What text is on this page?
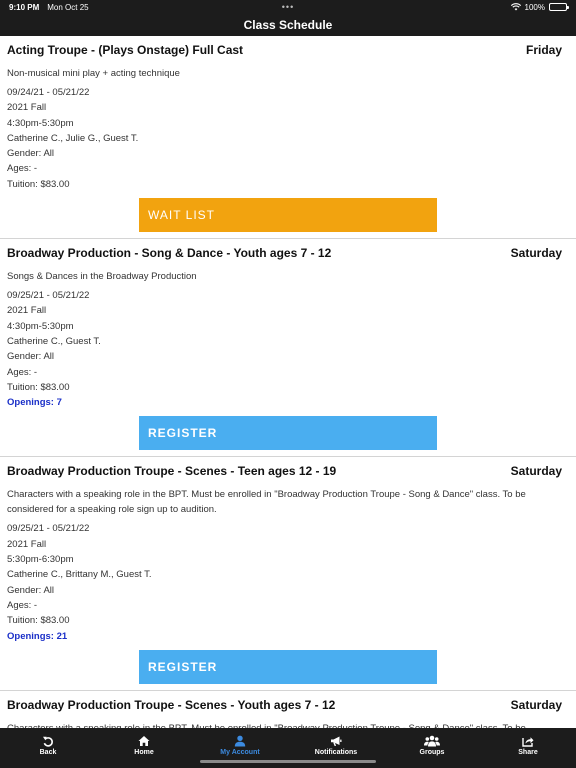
9:10 PM Mon Oct 25	•••	100%
Class Schedule
Acting Troupe - (Plays Onstage) Full Cast	Friday
Non-musical mini play + acting technique
09/24/21 - 05/21/22
2021 Fall
4:30pm-5:30pm
Catherine C., Julie G., Guest T.
Gender: All
Ages: -
Tuition: $83.00
WAIT LIST
Broadway Production - Song & Dance - Youth ages 7 - 12	Saturday
Songs & Dances in the Broadway Production
09/25/21 - 05/21/22
2021 Fall
4:30pm-5:30pm
Catherine C., Guest T.
Gender: All
Ages: -
Tuition: $83.00
Openings: 7
REGISTER
Broadway Production Troupe - Scenes - Teen ages 12 - 19	Saturday
Characters with a speaking role in the BPT. Must be enrolled in "Broadway Production Troupe - Song & Dance" class. To be considered for a speaking role sign up to audition.
09/25/21 - 05/21/22
2021 Fall
5:30pm-6:30pm
Catherine C., Brittany M., Guest T.
Gender: All
Ages: -
Tuition: $83.00
Openings: 21
REGISTER
Broadway Production Troupe - Scenes - Youth ages 7 - 12	Saturday
Back	Home	My Account	Notifications	Groups	Share
